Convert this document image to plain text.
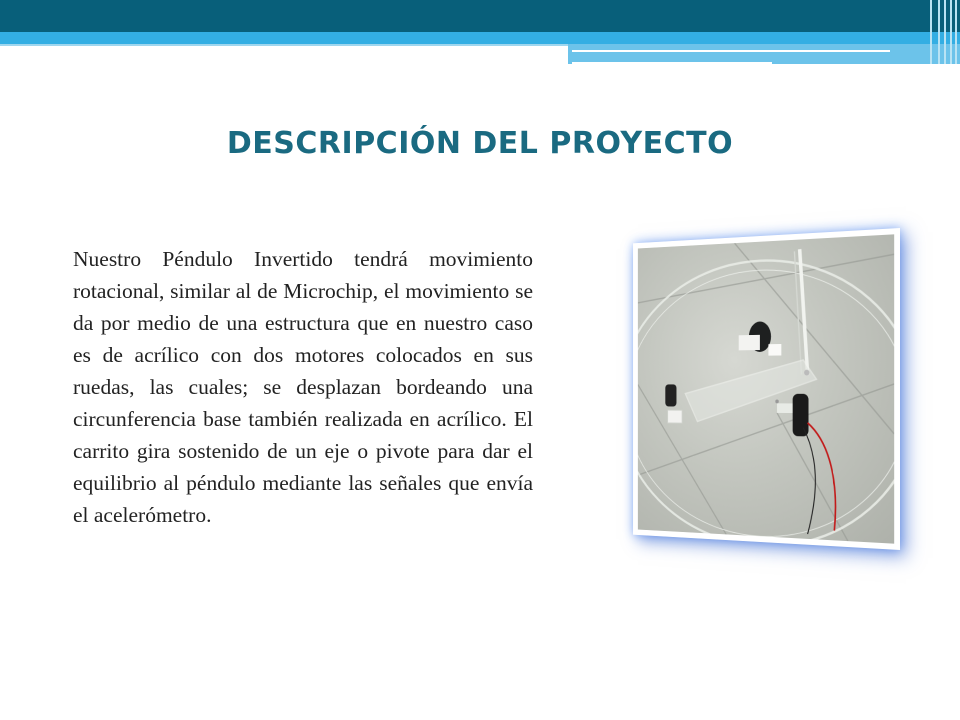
DESCRIPCIÓN DEL PROYECTO

Nuestro Péndulo Invertido tendrá movimiento rotacional, similar al de Microchip, el movimiento se da por medio de una estructura que en nuestro caso es de acrílico con dos motores colocados en sus ruedas, las cuales; se desplazan bordeando una circunferencia base también realizada en acrílico. El carrito gira sostenido de un eje o pivote para dar el equilibrio al péndulo mediante las señales que envía el acelerómetro.
